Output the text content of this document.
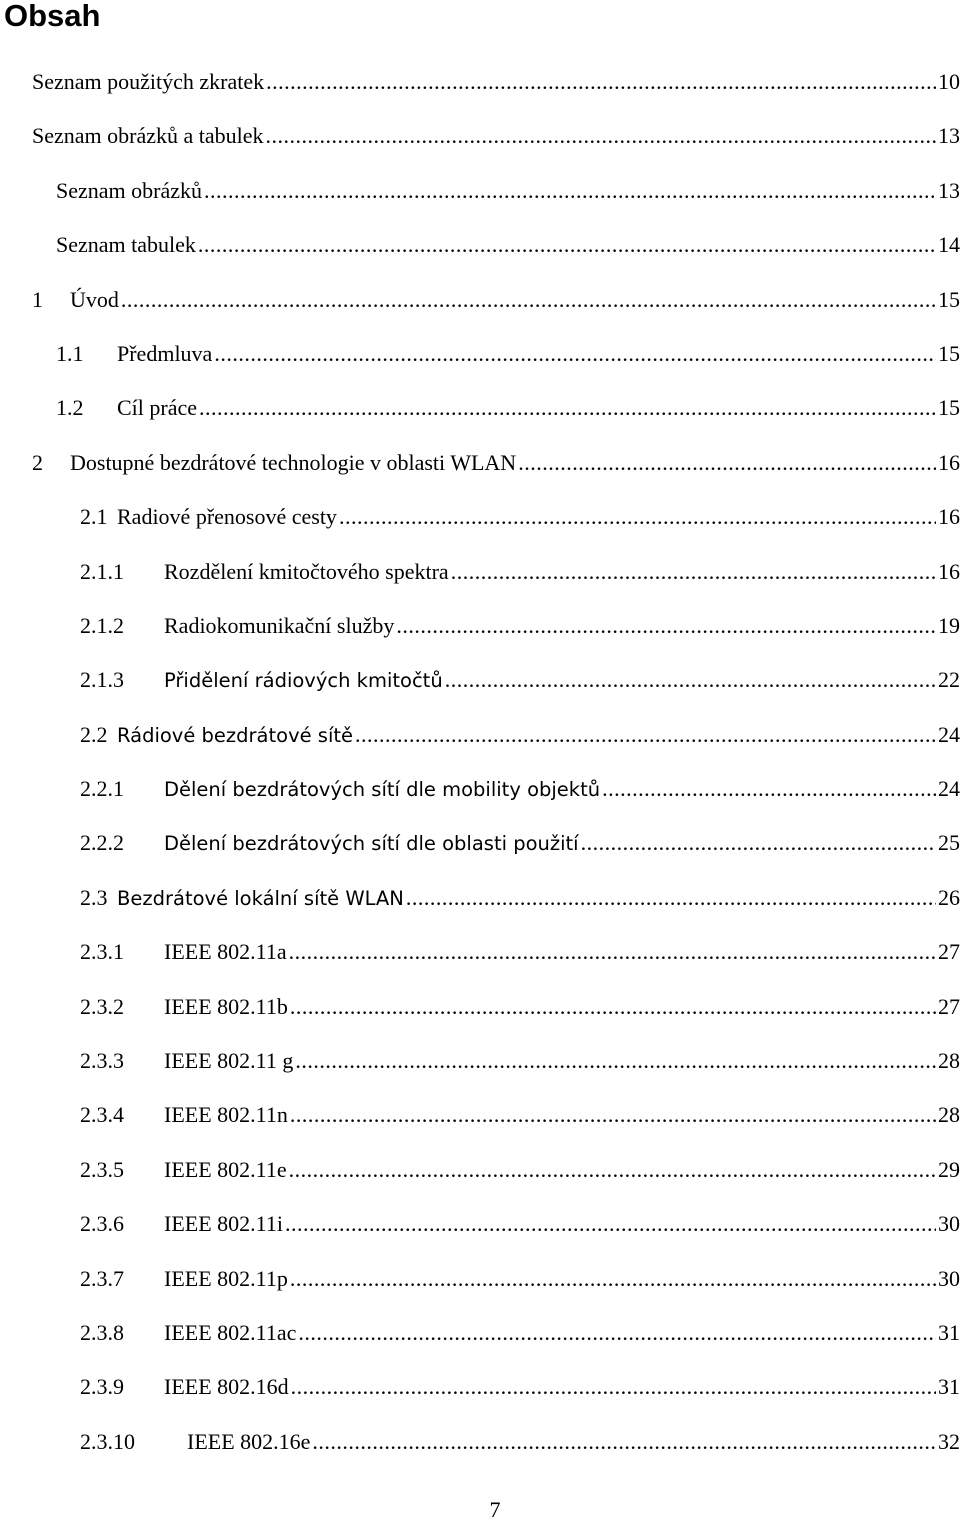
Obsah
Seznam použitých zkratek .....	10
Seznam obrázků a tabulek .....	13
Seznam obrázků .....	13
Seznam tabulek .....	14
1 Úvod .....	15
1.1 Předmluva .....	15
1.2 Cíl práce .....	15
2 Dostupné bezdrátové technologie v oblasti WLAN .....	16
2.1 Radiové přenosové cesty .....	16
2.1.1 Rozdělení kmitočtového spektra .....	16
2.1.2 Radiokomunikační služby .....	19
2.1.3 Přidělení rádiových kmitočtů .....	22
2.2 Rádiové bezdrátové sítě .....	24
2.2.1 Dělení bezdrátových sítí dle mobility objektů .....	24
2.2.2 Dělení bezdrátových sítí dle oblasti použití .....	25
2.3 Bezdrátové lokální sítě WLAN .....	26
2.3.1 IEEE 802.11a .....	27
2.3.2 IEEE 802.11b .....	27
2.3.3 IEEE 802.11 g .....	28
2.3.4 IEEE 802.11n .....	28
2.3.5 IEEE 802.11e .....	29
2.3.6 IEEE 802.11i .....	30
2.3.7 IEEE 802.11p .....	30
2.3.8 IEEE 802.11ac .....	31
2.3.9 IEEE 802.16d .....	31
2.3.10 IEEE 802.16e .....	32
7
